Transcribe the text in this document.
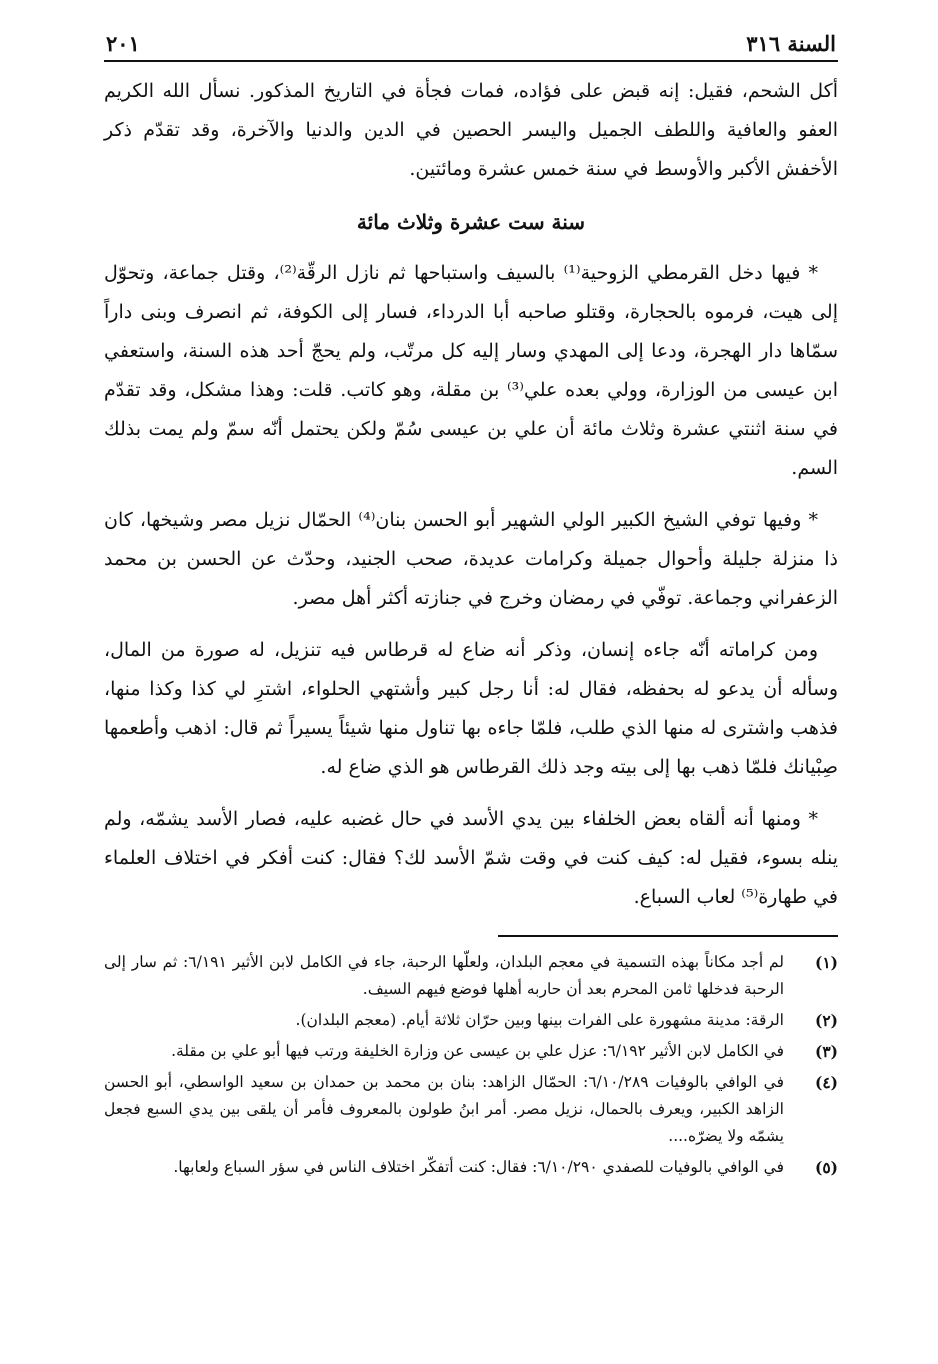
السنة ٣١٦
٢٠١

أكل الشحم، فقيل: إنه قبض على فؤاده، فمات فجأة في التاريخ المذكور. نسأل الله الكريم العفو والعافية واللطف الجميل واليسر الحصين في الدين والدنيا والآخرة، وقد تقدّم ذكر الأخفش الأكبر والأوسط في سنة خمس عشرة ومائتين.

سنة ست عشرة وثلاث مائة

* فيها دخل القرمطي الزوحية⁽¹⁾ بالسيف واستباحها ثم نازل الرقّة⁽²⁾، وقتل جماعة، وتحوّل إلى هيت، فرموه بالحجارة، وقتلو صاحبه أبا الدرداء، فسار إلى الكوفة، ثم انصرف وبنى داراً سمّاها دار الهجرة، ودعا إلى المهدي وسار إليه كل مرتّب، ولم يحجّ أحد هذه السنة، واستعفي ابن عيسى من الوزارة، وولي بعده علي⁽³⁾ بن مقلة، وهو كاتب. قلت: وهذا مشكل، وقد تقدّم في سنة اثنتي عشرة وثلاث مائة أن علي بن عيسى سُمّ ولكن يحتمل أنّه سمّ ولم يمت بذلك السم.

* وفيها توفي الشيخ الكبير الولي الشهير أبو الحسن بنان⁽⁴⁾ الحمّال نزيل مصر وشيخها، كان ذا منزلة جليلة وأحوال جميلة وكرامات عديدة، صحب الجنيد، وحدّث عن الحسن بن محمد الزعفراني وجماعة. توفّي في رمضان وخرج في جنازته أكثر أهل مصر.

ومن كراماته أنّه جاءه إنسان، وذكر أنه ضاع له قرطاس فيه تنزيل، له صورة من المال، وسأله أن يدعو له بحفظه، فقال له: أنا رجل كبير وأشتهي الحلواء، اشترِ لي كذا وكذا منها، فذهب واشترى له منها الذي طلب، فلمّا جاءه بها تناول منها شيئاً يسيراً ثم قال: اذهب وأطعمها صِبْيانك فلمّا ذهب بها إلى بيته وجد ذلك القرطاس هو الذي ضاع له.

* ومنها أنه ألقاه بعض الخلفاء بين يدي الأسد في حال غضبه عليه، فصار الأسد يشمّه، ولم ينله بسوء، فقيل له: كيف كنت في وقت شمّ الأسد لك؟ فقال: كنت أفكر في اختلاف العلماء في طهارة⁽⁵⁾ لعاب السباع.

(١)
لم أجد مكاناً بهذه التسمية في معجم البلدان، ولعلّها الرحبة، جاء في الكامل لابن الأثير ٦/١٩١: ثم سار إلى الرحبة فدخلها ثامن المحرم بعد أن حاربه أهلها فوضع فيهم السيف.
(٢)
الرقة: مدينة مشهورة على الفرات بينها وبين حرّان ثلاثة أيام. (معجم البلدان).
(٣)
في الكامل لابن الأثير ٦/١٩٢: عزل علي بن عيسى عن وزارة الخليفة ورتب فيها أبو علي بن مقلة.
(٤)
في الوافي بالوفيات ٦/١٠/٢٨٩: الحمّال الزاهد: بنان بن محمد بن حمدان بن سعيد الواسطي، أبو الحسن الزاهد الكبير، ويعرف بالحمال، نزيل مصر. أمر ابنُ طولون بالمعروف فأمر أن يلقى بين يدي السبع فجعل يشمّه ولا يضرّه....
(٥)
في الوافي بالوفيات للصفدي ٦/١٠/٢٩٠: فقال: كنت أتفكّر اختلاف الناس في سؤر السباع ولعابها.
